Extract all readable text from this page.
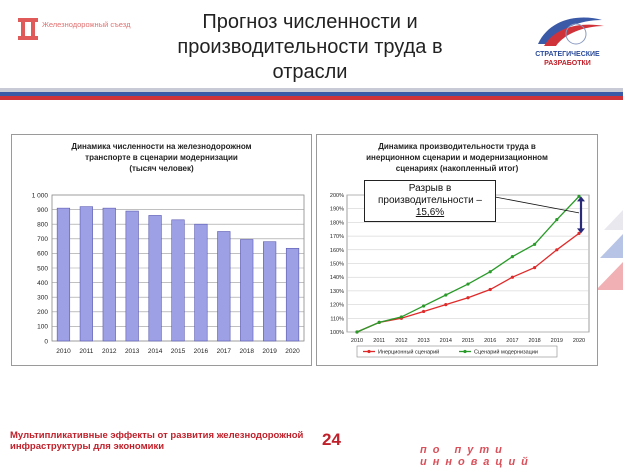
Железнодорожный съезд	Прогноз численности и
производительности труда в
отрасли
СТРАТЕГИЧЕСКИЕ
РАЗРАБОТКИ
Динамика численности на железнодорожном
транспорте в сценарии модернизации
(тысяч человек)
0
100
200
300
400
500
600
700
800
900
1 000
2010 2011 2012 2013 2014 2015 2016 2017 2018 2019 2020
Динамика производительности труда в
инерционном сценарии и модернизационном
сценариях (накопленный итог)
100%
110%
120%
130%
140%
150%
160%
170%
180%
190%
200%
2010 2011 2012 2013 2014 2015 2016 2017 2018 2019 2020
Инерционный сценарий	Сценарий модернизации
Разрыв в
производительности –
15,6%
Мультипликативные эффекты от развития железнодорожной
инфраструктуры для экономики	24
по пути инноваций
